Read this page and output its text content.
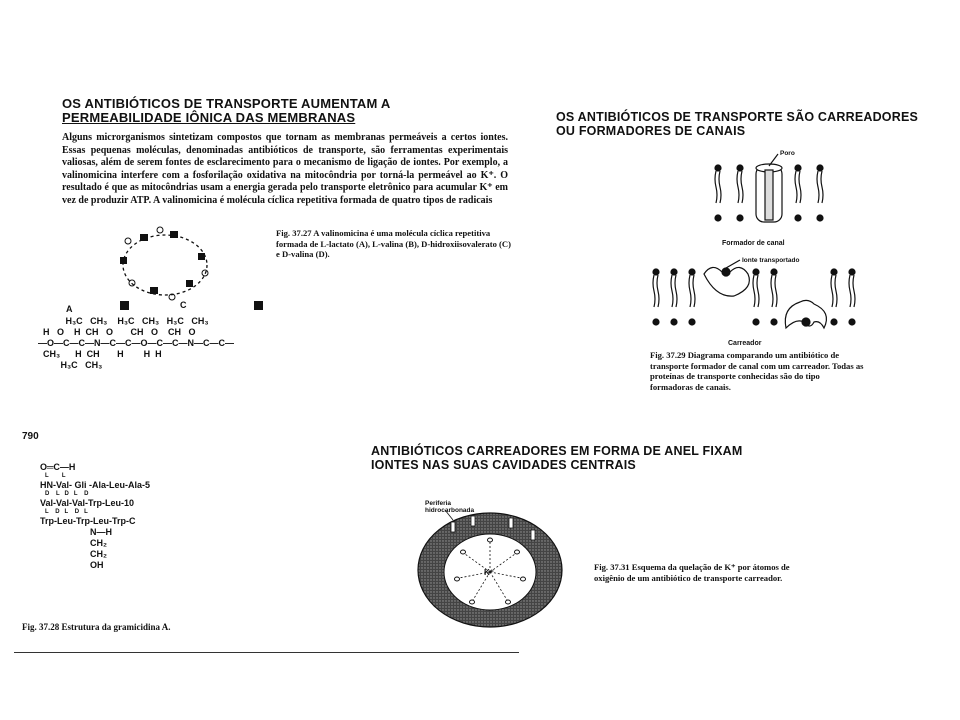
OS ANTIBIÓTICOS DE TRANSPORTE AUMENTAM A
PERMEABILIDADE IÔNICA DAS MEMBRANAS
Alguns microrganismos sintetizam compostos que tornam as membranas permeáveis a certos iontes. Essas pequenas moléculas, denominadas antibióticos de transporte, são ferramentas experimentais valiosas, além de serem fontes de esclarecimento para o mecanismo de ligação de iontes. Por exemplo, a valinomicina interfere com a fosforilação oxidativa na mitocôndria por torná-la permeável ao K⁺. O resultado é que as mitocôndrias usam a energia gerada pelo transporte eletrônico para acumular K⁺ em vez de produzir ATP. A valinomicina é molécula cíclica repetitiva formada de quatro tipos de radicais
Fig. 37.27 A valinomicina é uma molécula cíclica repetitiva formada de L-lactato (A), L-valina (B), D-hidroxiisovalerato (C) e D-valina (D).
A	C
H₃C   CH₃    H₃C   CH₃   H₃C   CH₃
H   O    H  CH   O       CH   O    CH   O
—O—C—C—N—C—C—O—C—C—N—C—C—
CH₃      H  CH       H        H  H
H₃C   CH₃
790
O═C—H
L        L
HN-Val- Gli -Ala-Leu-Ala-5
D    L   D   L    D
Val-Val-Val-Trp-Leu-10
L    D   L    D   L
Trp-Leu-Trp-Leu-Trp-C
N—H
CH₂
CH₂
OH
Fig. 37.28 Estrutura da gramicidina A.
OS ANTIBIÓTICOS DE TRANSPORTE SÃO CARREADORES
OU FORMADORES DE CANAIS
Poro
Formador de canal
Ionte transportado
Carreador
Fig. 37.29 Diagrama comparando um antibiótico de transporte formador de canal com um carreador. Todas as proteínas de transporte conhecidas são do tipo formadoras de canais.
ANTIBIÓTICOS CARREADORES EM FORMA DE ANEL FIXAM
IONTES NAS SUAS CAVIDADES CENTRAIS
Periferia hidrocarbonada
K⁺
Fig. 37.31 Esquema da quelação de K⁺ por átomos de oxigênio de um antibiótico de transporte carreador.
